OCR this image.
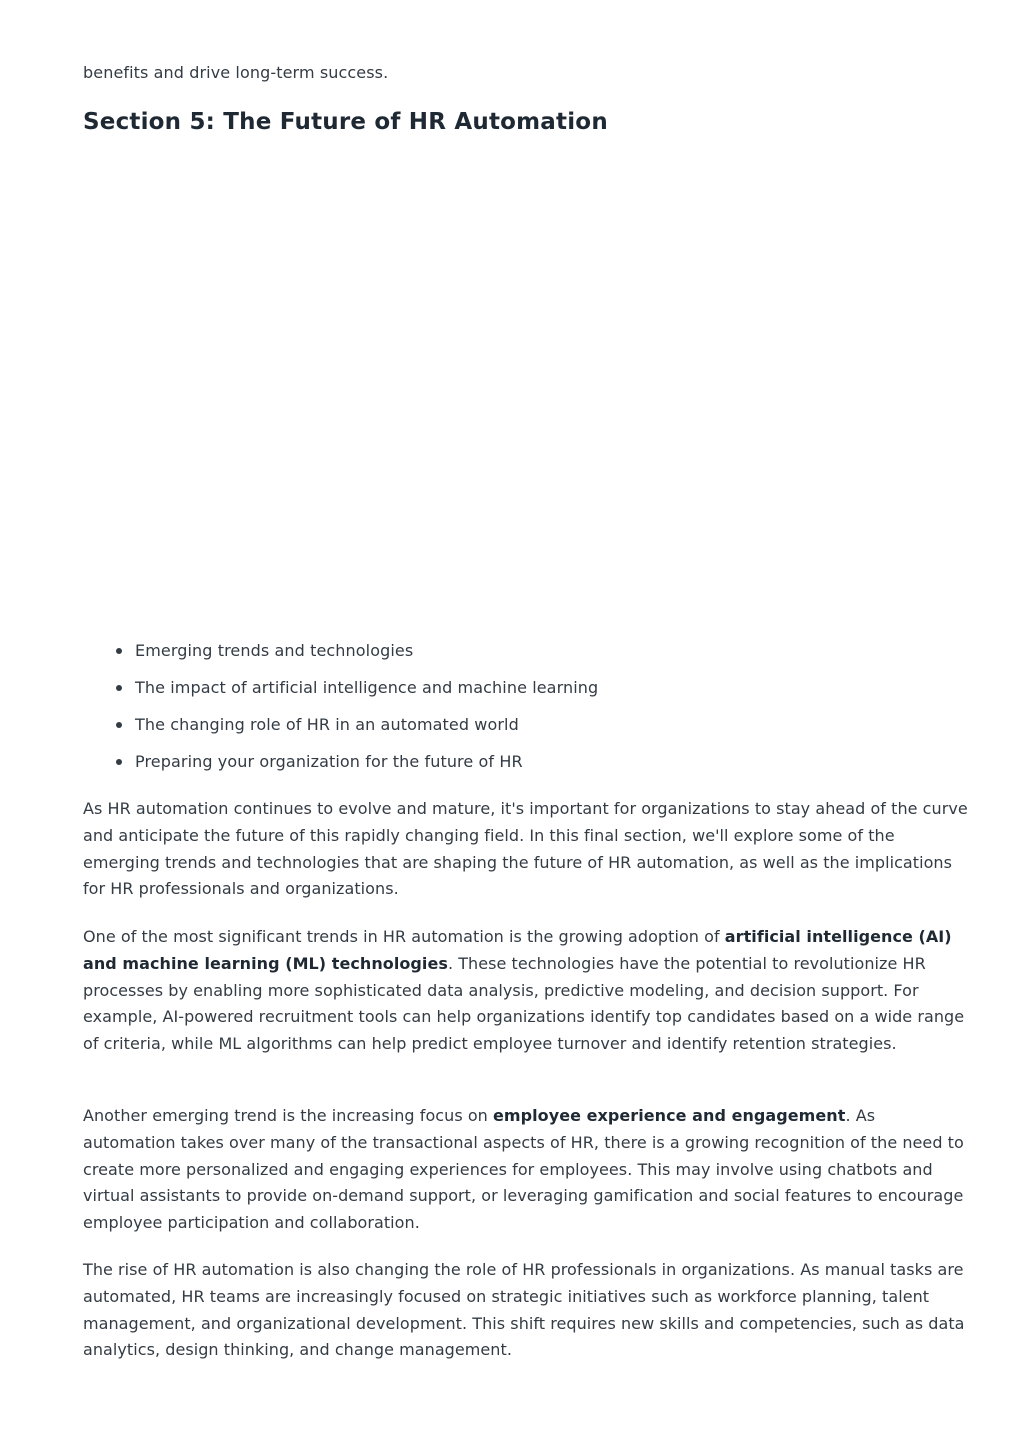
benefits and drive long-term success.

Section 5: The Future of HR Automation
Emerging trends and technologies
The impact of artificial intelligence and machine learning
The changing role of HR in an automated world
Preparing your organization for the future of HR

As HR automation continues to evolve and mature, it's important for organizations to stay ahead of the curve and anticipate the future of this rapidly changing field. In this final section, we'll explore some of the emerging trends and technologies that are shaping the future of HR automation, as well as the implications for HR professionals and organizations.

One of the most significant trends in HR automation is the growing adoption of artificial intelligence (AI) and machine learning (ML) technologies. These technologies have the potential to revolutionize HR processes by enabling more sophisticated data analysis, predictive modeling, and decision support. For example, AI-powered recruitment tools can help organizations identify top candidates based on a wide range of criteria, while ML algorithms can help predict employee turnover and identify retention strategies.

Another emerging trend is the increasing focus on employee experience and engagement. As automation takes over many of the transactional aspects of HR, there is a growing recognition of the need to create more personalized and engaging experiences for employees. This may involve using chatbots and virtual assistants to provide on-demand support, or leveraging gamification and social features to encourage employee participation and collaboration.

The rise of HR automation is also changing the role of HR professionals in organizations. As manual tasks are automated, HR teams are increasingly focused on strategic initiatives such as workforce planning, talent management, and organizational development. This shift requires new skills and competencies, such as data analytics, design thinking, and change management.
